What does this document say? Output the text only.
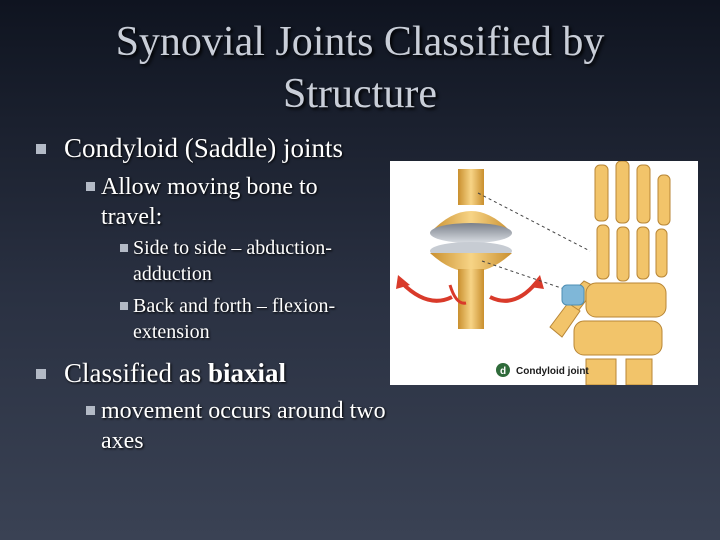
Synovial Joints Classified by
Structure
Condyloid (Saddle) joints
Allow moving bone to travel:
Side to side – abduction-adduction
Back and forth – flexion-extension
Classified as biaxial
movement occurs around two axes
d Condyloid joint
